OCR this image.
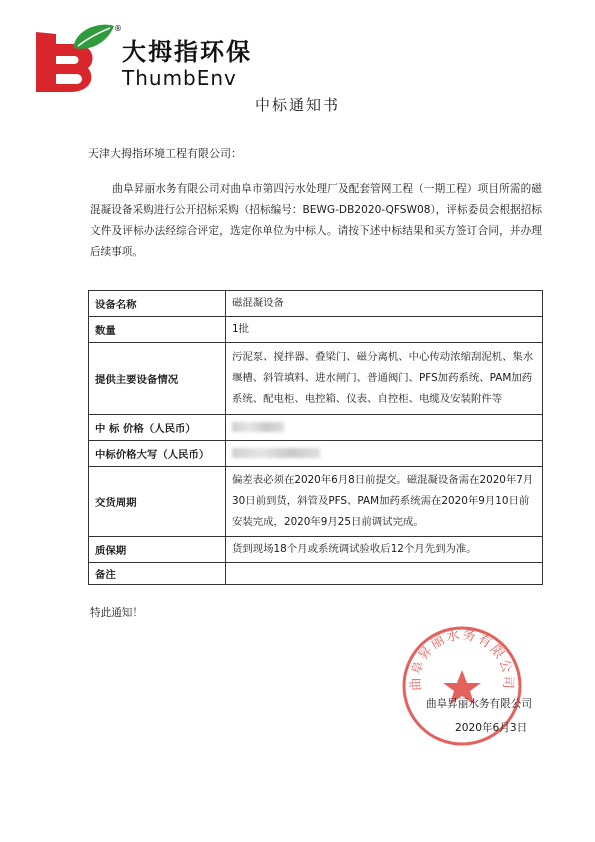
®
大拇指环保
ThumbEnv
中标通知书
天津大拇指环境工程有限公司：
曲阜昇丽水务有限公司对曲阜市第四污水处理厂及配套管网工程（一期工程）项目所需的磁混凝设备采购进行公开招标采购（招标编号：BEWG-DB2020-QFSW08），评标委员会根据招标文件及评标办法经综合评定，选定你单位为中标人。请按下述中标结果和买方签订合同，并办理后续事项。
设备名称	磁混凝设备
数量	1批
提供主要设备情况	污泥泵、搅拌器、叠梁门、磁分离机、中心传动浓缩刮泥机、集水堰槽、斜管填料、进水闸门、普通阀门、PFS加药系统、PAM加药系统、配电柜、电控箱、仪表、自控柜、电缆及安装附件等
中 标 价格（人民币）	
中标价格大写（人民币）	
交货周期	偏差表必须在2020年6月8日前提交。磁混凝设备需在2020年7月30日前到货，斜管及PFS、PAM加药系统需在2020年9月10日前安装完成，2020年9月25日前调试完成。
质保期	货到现场18个月或系统调试验收后12个月先到为准。
备注	
特此通知！
曲阜昇丽水务有限公司
曲阜昇丽水务有限公司
2020年6月3日
